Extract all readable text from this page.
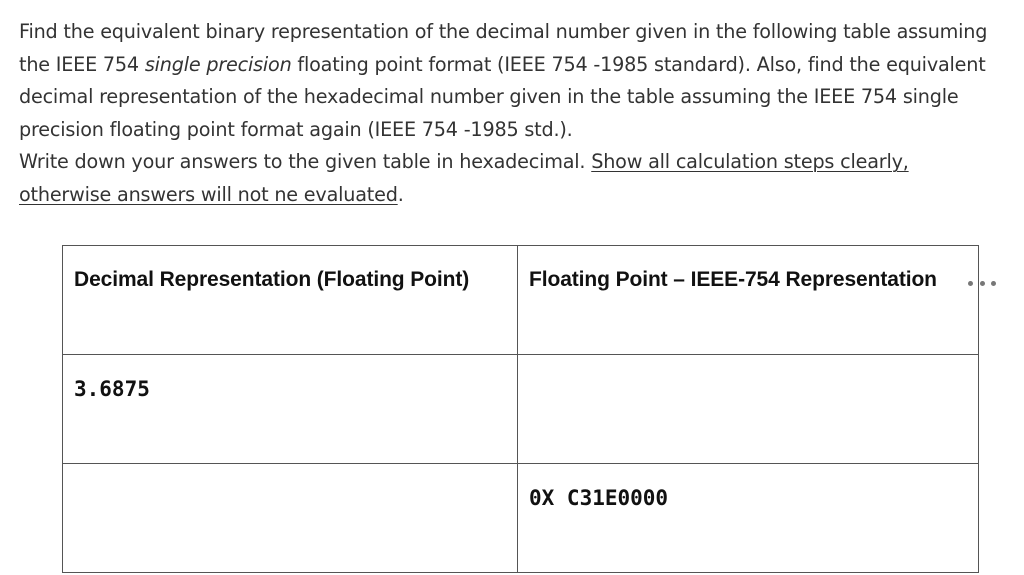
Find the equivalent binary representation of the decimal number given in the following table assuming
the IEEE 754 single precision floating point format (IEEE 754 -1985 standard). Also, find the equivalent
decimal representation of the hexadecimal number given in the table assuming the IEEE 754 single
precision floating point format again (IEEE 754 -1985 std.).
Write down your answers to the given table in hexadecimal. Show all calculation steps clearly,
otherwise answers will not ne evaluated.
Decimal Representation (Floating Point)	Floating Point – IEEE-754 Representation
3.6875	
	0X C31E0000
